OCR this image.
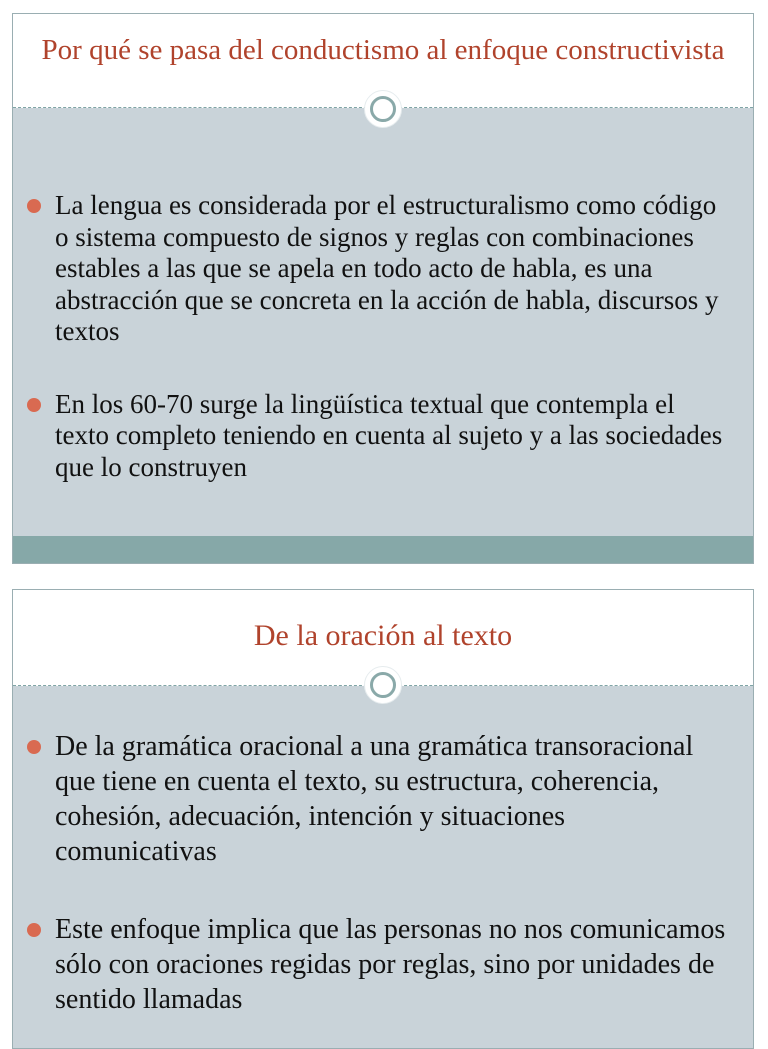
Por qué se pasa del conductismo al enfoque constructivista
La lengua es considerada por el estructuralismo como código o sistema compuesto de signos y reglas con combinaciones estables a las que se apela en todo acto de habla, es una abstracción que se concreta en la acción de habla, discursos y textos
En los 60-70 surge la lingüística textual que contempla el texto completo teniendo en cuenta al sujeto y a las sociedades que lo construyen
De la oración al texto
De la gramática oracional a una gramática transoracional que tiene en cuenta el texto, su estructura, coherencia, cohesión, adecuación, intención y situaciones comunicativas
Este enfoque implica que las personas no nos comunicamos sólo con oraciones regidas por reglas, sino por unidades de sentido llamadas
